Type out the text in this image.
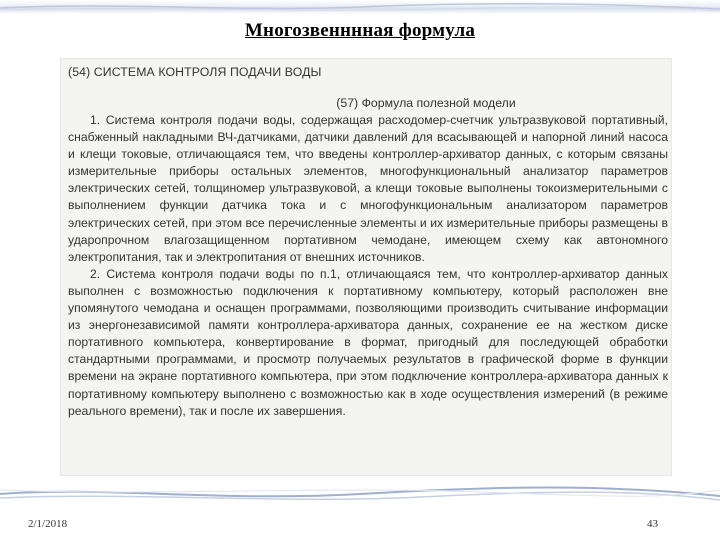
Многозвенннная формула
(54) СИСТЕМА КОНТРОЛЯ ПОДАЧИ ВОДЫ
(57) Формула полезной модели

1. Система контроля подачи воды, содержащая расходомер-счетчик ультразвуковой портативный, снабженный накладными ВЧ-датчиками, датчики давлений для всасывающей и напорной линий насоса и клещи токовые, отличающаяся тем, что введены контроллер-архиватор данных, с которым связаны измерительные приборы остальных элементов, многофункциональный анализатор параметров электрических сетей, толщиномер ультразвуковой, а клещи токовые выполнены токоизмерительными с выполнением функции датчика тока и с многофункциональным анализатором параметров электрических сетей, при этом все перечисленные элементы и их измерительные приборы размещены в ударопрочном влагозащищенном портативном чемодане, имеющем схему как автономного электропитания, так и электропитания от внешних источников.

2. Система контроля подачи воды по п.1, отличающаяся тем, что контроллер-архиватор данных выполнен с возможностью подключения к портативному компьютеру, который расположен вне упомянутого чемодана и оснащен программами, позволяющими производить считывание информации из энергонезависимой памяти контроллера-архиватора данных, сохранение ее на жестком диске портативного компьютера, конвертирование в формат, пригодный для последующей обработки стандартными программами, и просмотр получаемых результатов в графической форме в функции времени на экране портативного компьютера, при этом подключение контроллера-архиватора данных к портативному компьютеру выполнено с возможностью как в ходе осуществления измерений (в режиме реального времени), так и после их завершения.

2/1/2018	43
